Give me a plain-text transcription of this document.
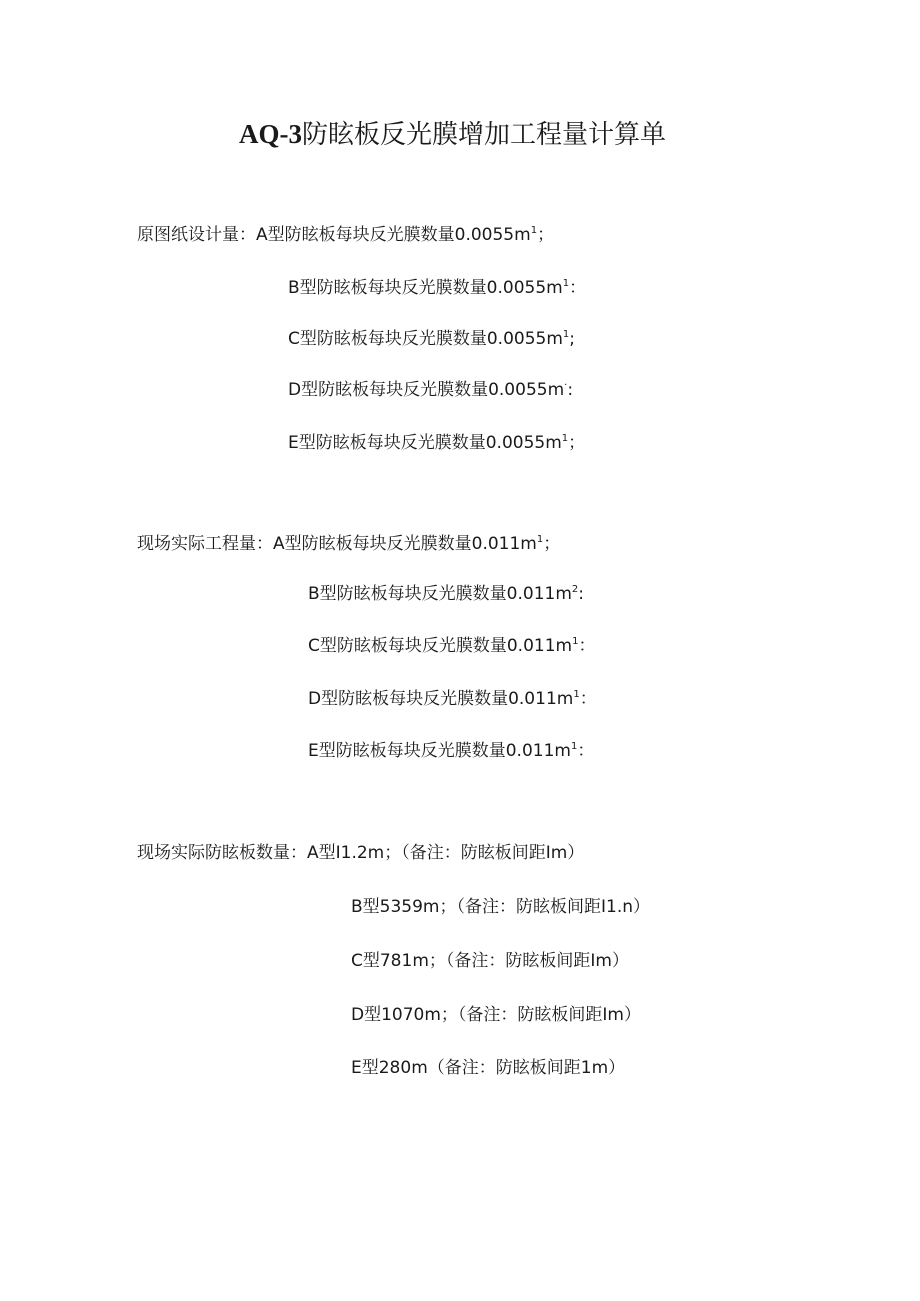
AQ-3防眩板反光膜增加工程量计算单
原图纸设计量：A型防眩板每块反光膜数量$0.0055m^1$；
B型防眩板每块反光膜数量$0.0055m^1$：
C型防眩板每块反光膜数量$0.0055m^1$;
D型防眩板每块反光膜数量0.0055m·:
E型防眩板每块反光膜数量$0.0055m^1$；
现场实际工程量：A型防眩板每块反光膜数量$0.011m^1$；
B型防眩板每块反光膜数量$0.011m^2$:
C型防眩板每块反光膜数量$0.011m^1$：
D型防眩板每块反光膜数量$0.011m^1$：
E型防眩板每块反光膜数量$0.011m^1$：
现场实际防眩板数量：A型I1.2m；（备注：防眩板间距Im）
B型5359m；（备注：防眩板间距I1.n）
C型781m；（备注：防眩板间距Im）
D型1070m；（备注：防眩板间距Im）
E型280m（备注：防眩板间距1m）
